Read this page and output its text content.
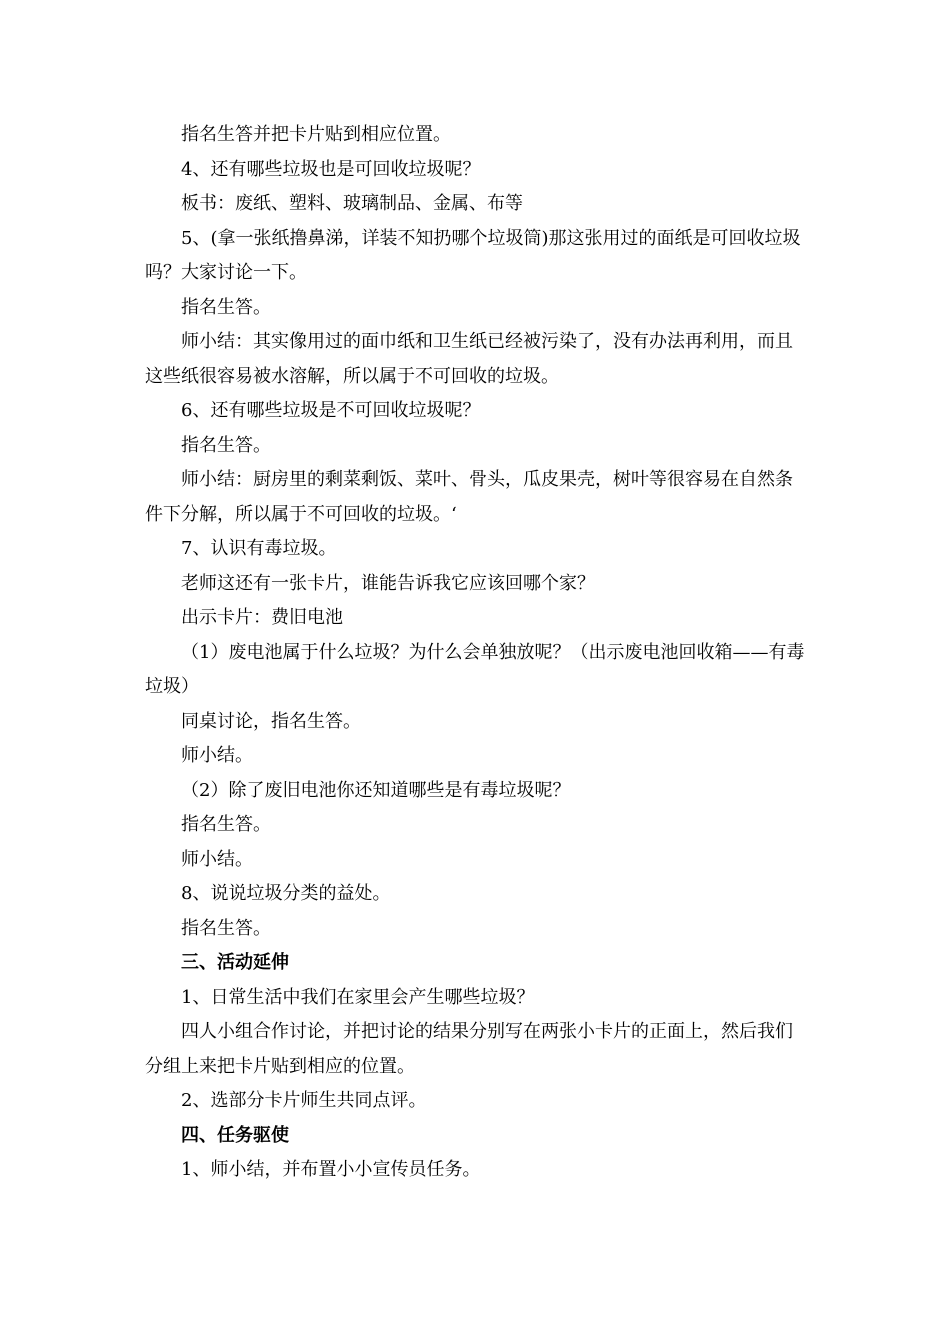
指名生答并把卡片贴到相应位置。

4、还有哪些垃圾也是可回收垃圾呢？

板书：废纸、塑料、玻璃制品、金属、布等

5、(拿一张纸撸鼻涕，详装不知扔哪个垃圾筒)那这张用过的面纸是可回收垃圾吗？大家讨论一下。

指名生答。

师小结：其实像用过的面巾纸和卫生纸已经被污染了，没有办法再利用，而且这些纸很容易被水溶解，所以属于不可回收的垃圾。

6、还有哪些垃圾是不可回收垃圾呢？

指名生答。

师小结：厨房里的剩菜剩饭、菜叶、骨头，瓜皮果壳，树叶等很容易在自然条件下分解，所以属于不可回收的垃圾。‘

7、认识有毒垃圾。

老师这还有一张卡片，谁能告诉我它应该回哪个家？

出示卡片：费旧电池

（1）废电池属于什么垃圾？为什么会单独放呢？（出示废电池回收箱——有毒垃圾）

同桌讨论，指名生答。

师小结。

（2）除了废旧电池你还知道哪些是有毒垃圾呢？

指名生答。

师小结。

8、说说垃圾分类的益处。

指名生答。

三、活动延伸

1、日常生活中我们在家里会产生哪些垃圾？

四人小组合作讨论，并把讨论的结果分别写在两张小卡片的正面上，然后我们分组上来把卡片贴到相应的位置。

2、选部分卡片师生共同点评。

四、任务驱使

1、师小结，并布置小小宣传员任务。
